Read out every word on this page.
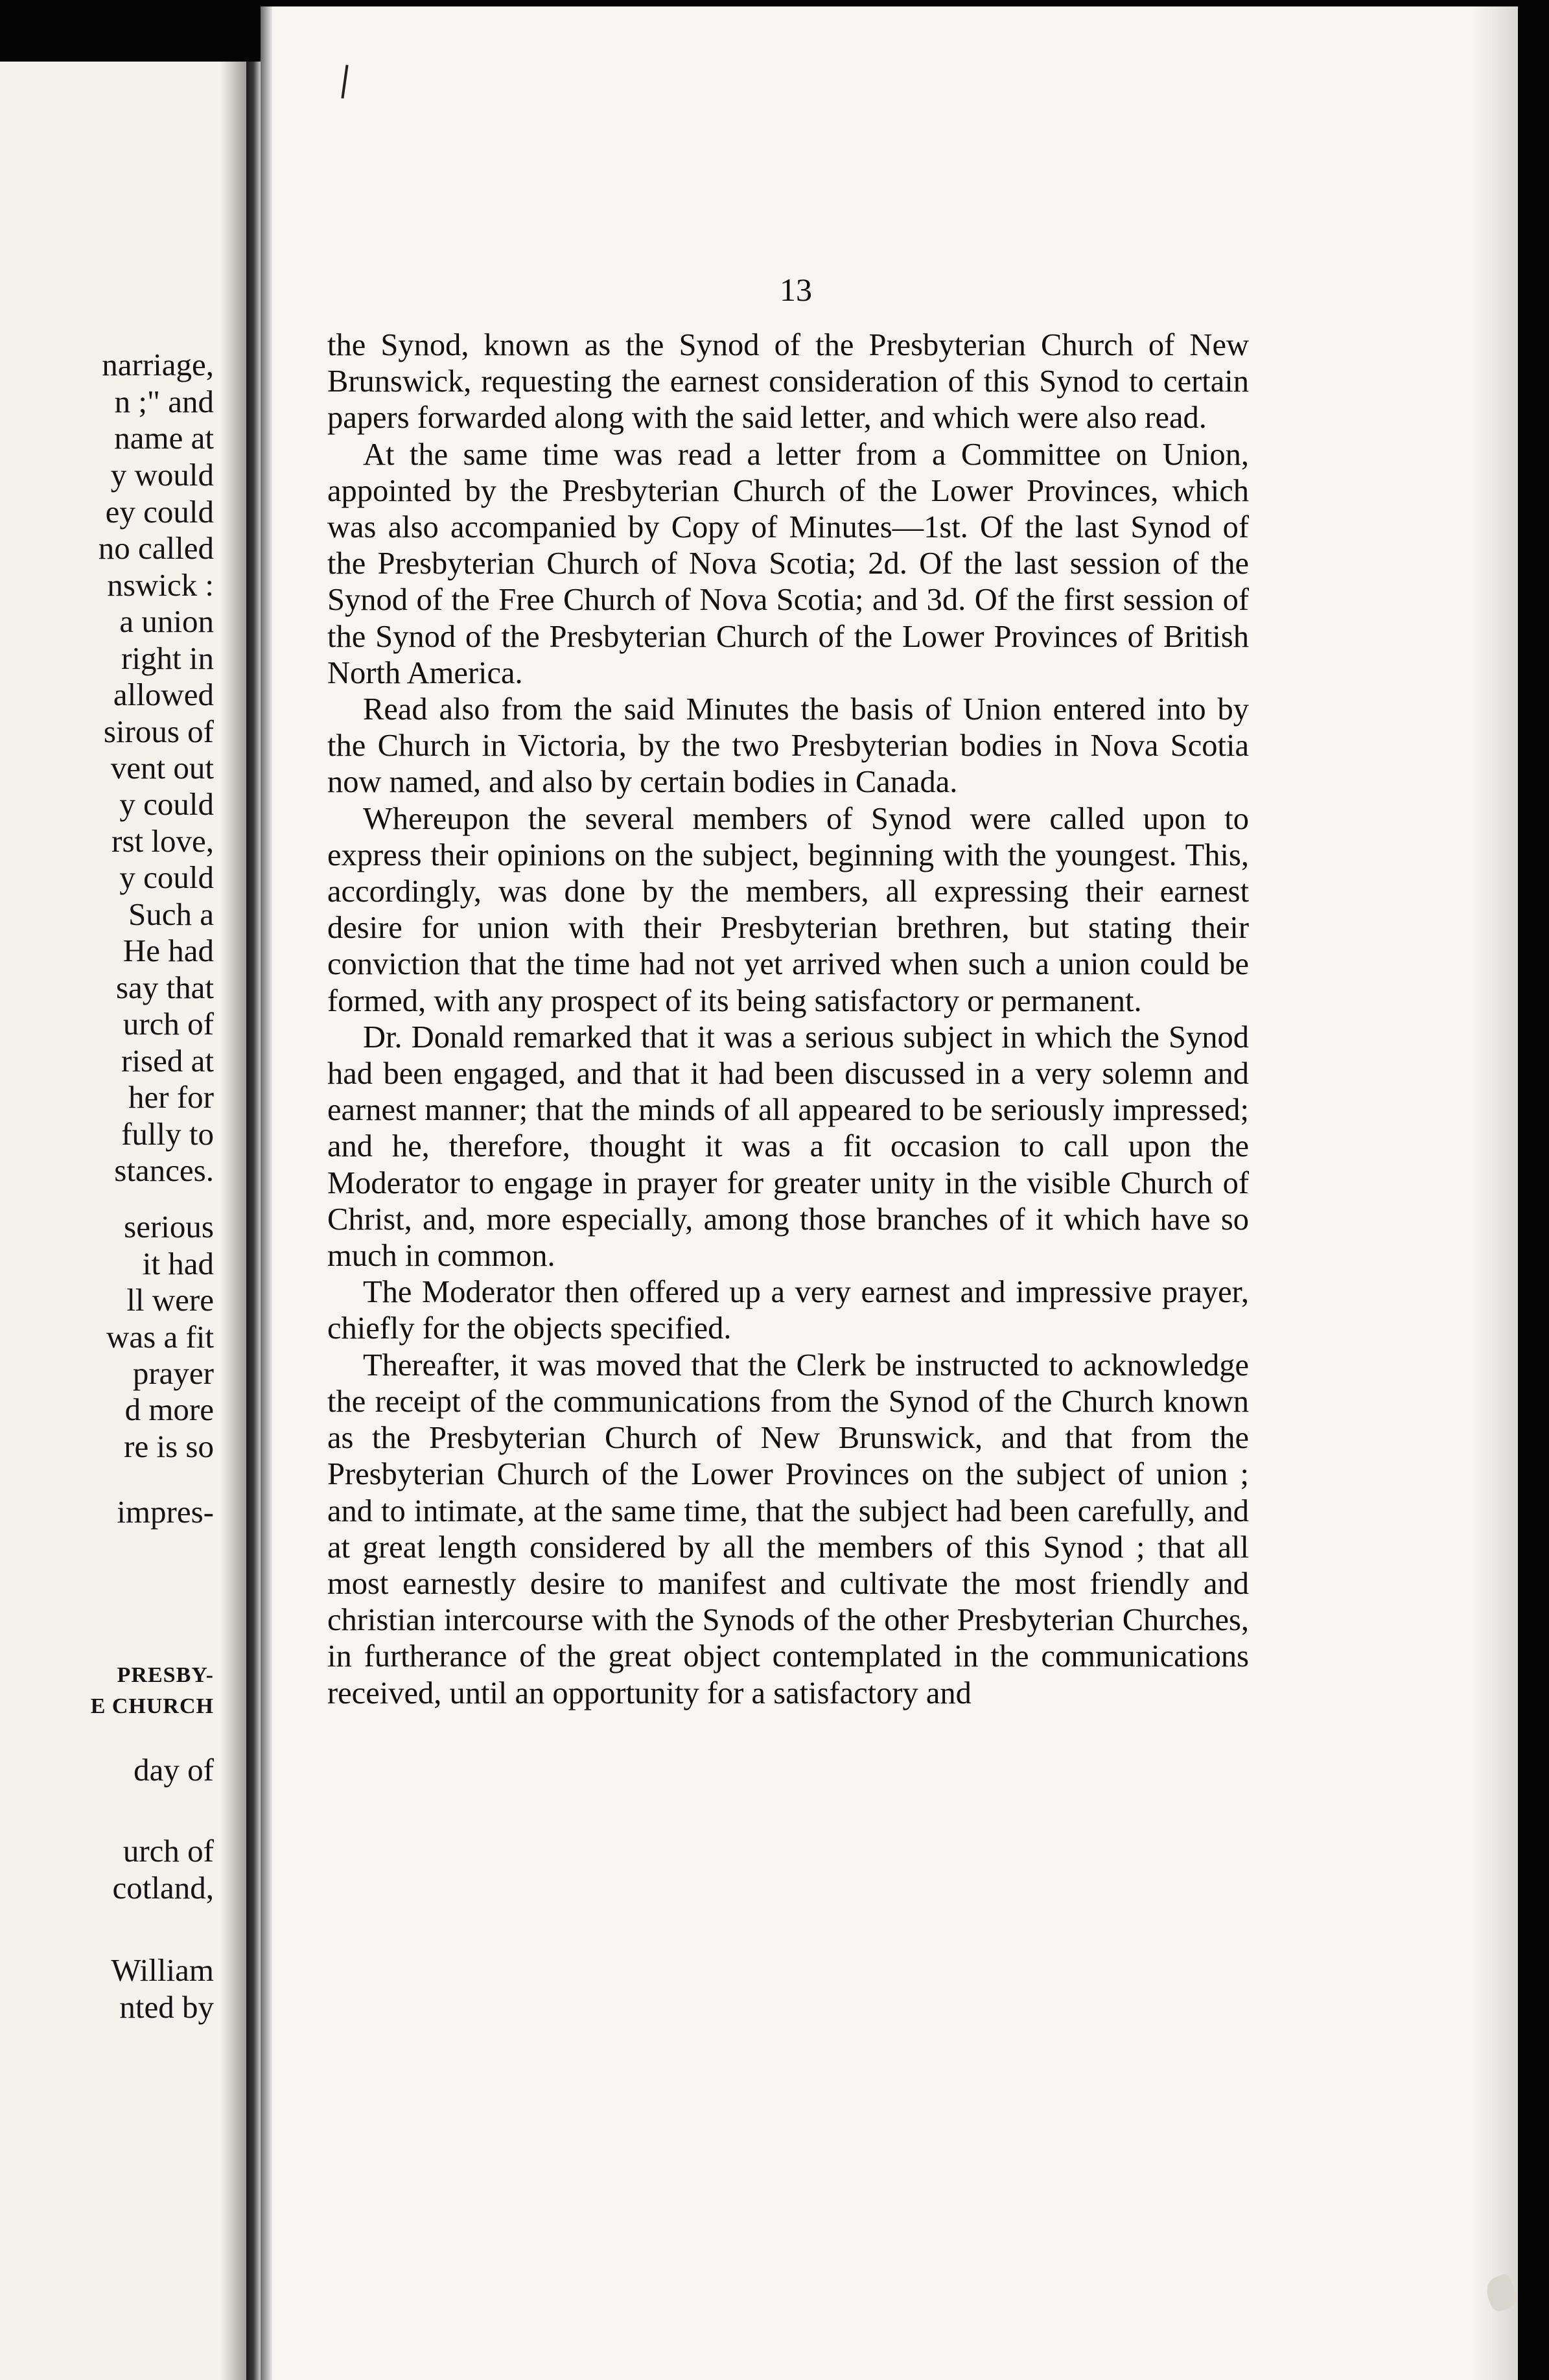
narriage,
n ;" and
name at
y would
ey could
no called
nswick :
a union
right in
allowed
sirous of
vent out
y could
rst love,
y could
Such a
He had
say that
urch of
rised at
her for
fully to
stances.
serious
it had
ll were
was a fit
prayer
d more
re is so
impres-
PRESBY-
E CHURCH
day of
urch of
cotland,
William
nted by
13

the Synod, known as the Synod of the Presbyterian Church of New Brunswick, requesting the earnest consideration of this Synod to certain papers forwarded along with the said letter, and which were also read.

At the same time was read a letter from a Committee on Union, appointed by the Presbyterian Church of the Lower Provinces, which was also accompanied by Copy of Minutes—1st. Of the last Synod of the Presbyterian Church of Nova Scotia; 2d. Of the last session of the Synod of the Free Church of Nova Scotia; and 3d. Of the first session of the Synod of the Presbyterian Church of the Lower Provinces of British North America.

Read also from the said Minutes the basis of Union entered into by the Church in Victoria, by the two Presbyterian bodies in Nova Scotia now named, and also by certain bodies in Canada.

Whereupon the several members of Synod were called upon to express their opinions on the subject, beginning with the youngest. This, accordingly, was done by the members, all expressing their earnest desire for union with their Presbyterian brethren, but stating their conviction that the time had not yet arrived when such a union could be formed, with any prospect of its being satisfactory or permanent.

Dr. Donald remarked that it was a serious subject in which the Synod had been engaged, and that it had been discussed in a very solemn and earnest manner; that the minds of all appeared to be seriously impressed; and he, therefore, thought it was a fit occasion to call upon the Moderator to engage in prayer for greater unity in the visible Church of Christ, and, more especially, among those branches of it which have so much in common.

The Moderator then offered up a very earnest and impressive prayer, chiefly for the objects specified.

Thereafter, it was moved that the Clerk be instructed to acknowledge the receipt of the communications from the Synod of the Church known as the Presbyterian Church of New Brunswick, and that from the Presbyterian Church of the Lower Provinces on the subject of union ; and to intimate, at the same time, that the subject had been carefully, and at great length considered by all the members of this Synod ; that all most earnestly desire to manifest and cultivate the most friendly and christian intercourse with the Synods of the other Presbyterian Churches, in furtherance of the great object contemplated in the communications received, until an opportunity for a satisfactory and
